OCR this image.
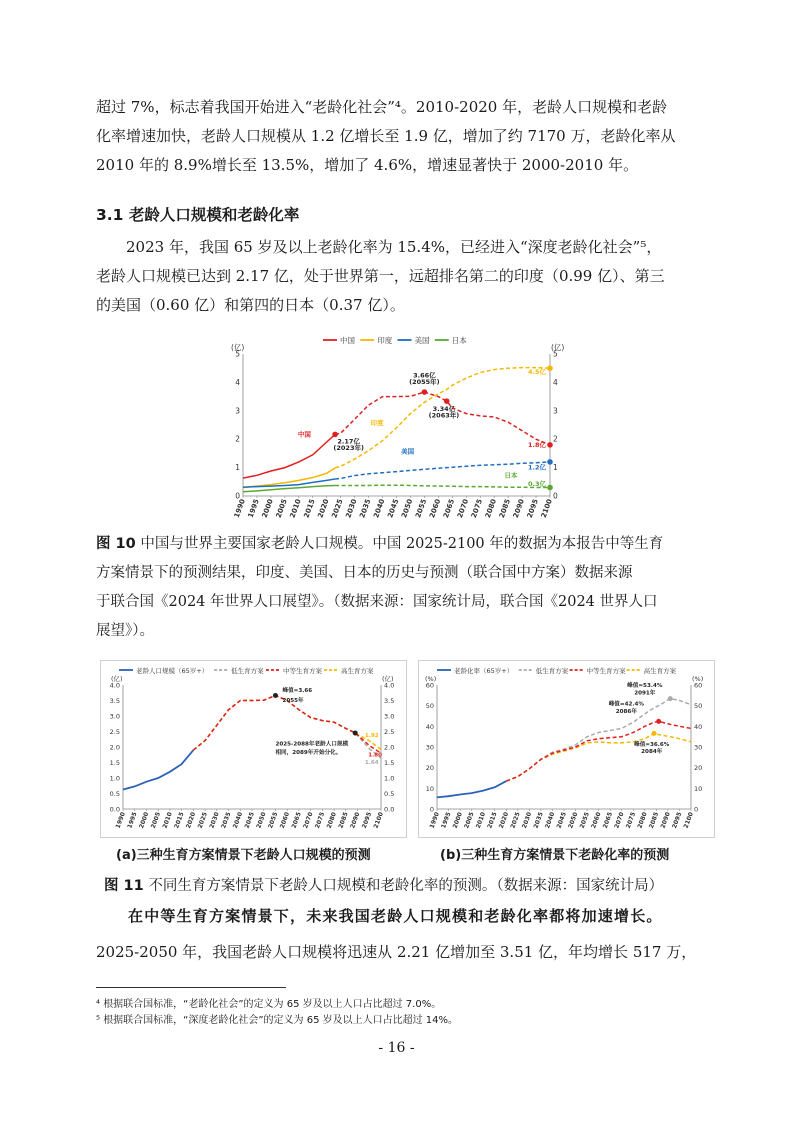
超过 7%，标志着我国开始进入“老龄化社会”⁴。2010-2020 年，老龄人口规模和老龄
化率增速加快，老龄人口规模从 1.2 亿增长至 1.9 亿，增加了约 7170 万，老龄化率从
2010 年的 8.9%增长至 13.5%，增加了 4.6%，增速显著快于 2000-2010 年。
3.1 老龄人口规模和老龄化率
2023 年，我国 65 岁及以上老龄化率为 15.4%，已经进入“深度老龄化社会”⁵，
老龄人口规模已达到 2.17 亿，处于世界第一，远超排名第二的印度（0.99 亿）、第三
的美国（0.60 亿）和第四的日本（0.37 亿）。
0	0
1	1
2	2
3	3
4	4
5	5
(亿)	(亿)
1990 1995 2000 2005 2010 2015 2020 2025 2030 2035 2040 2045 2050 2055 2060 2065 2070 2075 2080 2085 2090 2095 2100
中国	印度	美国	日本
2.17亿
(2023年)
3.66亿
(2055年)
3.34亿
(2063年)
4.5亿
1.8亿
1.2亿
0.3亿
中国
印度
美国
日本
图 10 中国与世界主要国家老龄人口规模。中国 2025-2100 年的数据为本报告中等生育
方案情景下的预测结果，印度、美国、日本的历史与预测（联合国中方案）数据来源
于联合国《2024 年世界人口展望》。（数据来源：国家统计局，联合国《2024 世界人口
展望》）。
0.0	0.0
0.5	0.5
1.0	1.0
1.5	1.5
2.0	2.0
2.5	2.5
3.0	3.0
3.5	3.5
4.0	4.0
(亿)	(亿)
1990 1995 2000 2005 2010 2015 2020 2025 2030 2035 2040 2045 2050 2055 2060 2065 2070 2075 2080 2085 2090 2095 2100
老龄人口规模（65岁+）	低生育方案	中等生育方案	高生育方案
峰值=3.66
2055年
2025-2088年老龄人口规模
相同，2089年开始分化。
1.92
1.80
1.64
0	0
10	10
20	20
30	30
40	40
50	50
60	60
(%)	(%)
1990 1995 2000 2005 2010 2015 2020 2025 2030 2035 2040 2045 2050 2055 2060 2065 2070 2075 2080 2085 2090 2095 2100
老龄化率（65岁+）	低生育方案	中等生育方案	高生育方案
峰值=53.4%
2091年
峰值=42.4%
2086年
峰值=36.6%
2084年
(a)三种生育方案情景下老龄人口规模的预测	(b)三种生育方案情景下老龄化率的预测
图 11 不同生育方案情景下老龄人口规模和老龄化率的预测。（数据来源：国家统计局）
在中等生育方案情景下，未来我国老龄人口规模和老龄化率都将加速增长。
2025-2050 年，我国老龄人口规模将迅速从 2.21 亿增加至 3.51 亿，年均增长 517 万，
⁴ 根据联合国标准，“老龄化社会”的定义为 65 岁及以上人口占比超过 7.0%。
⁵ 根据联合国标准，“深度老龄化社会”的定义为 65 岁及以上人口占比超过 14%。
- 16 -
